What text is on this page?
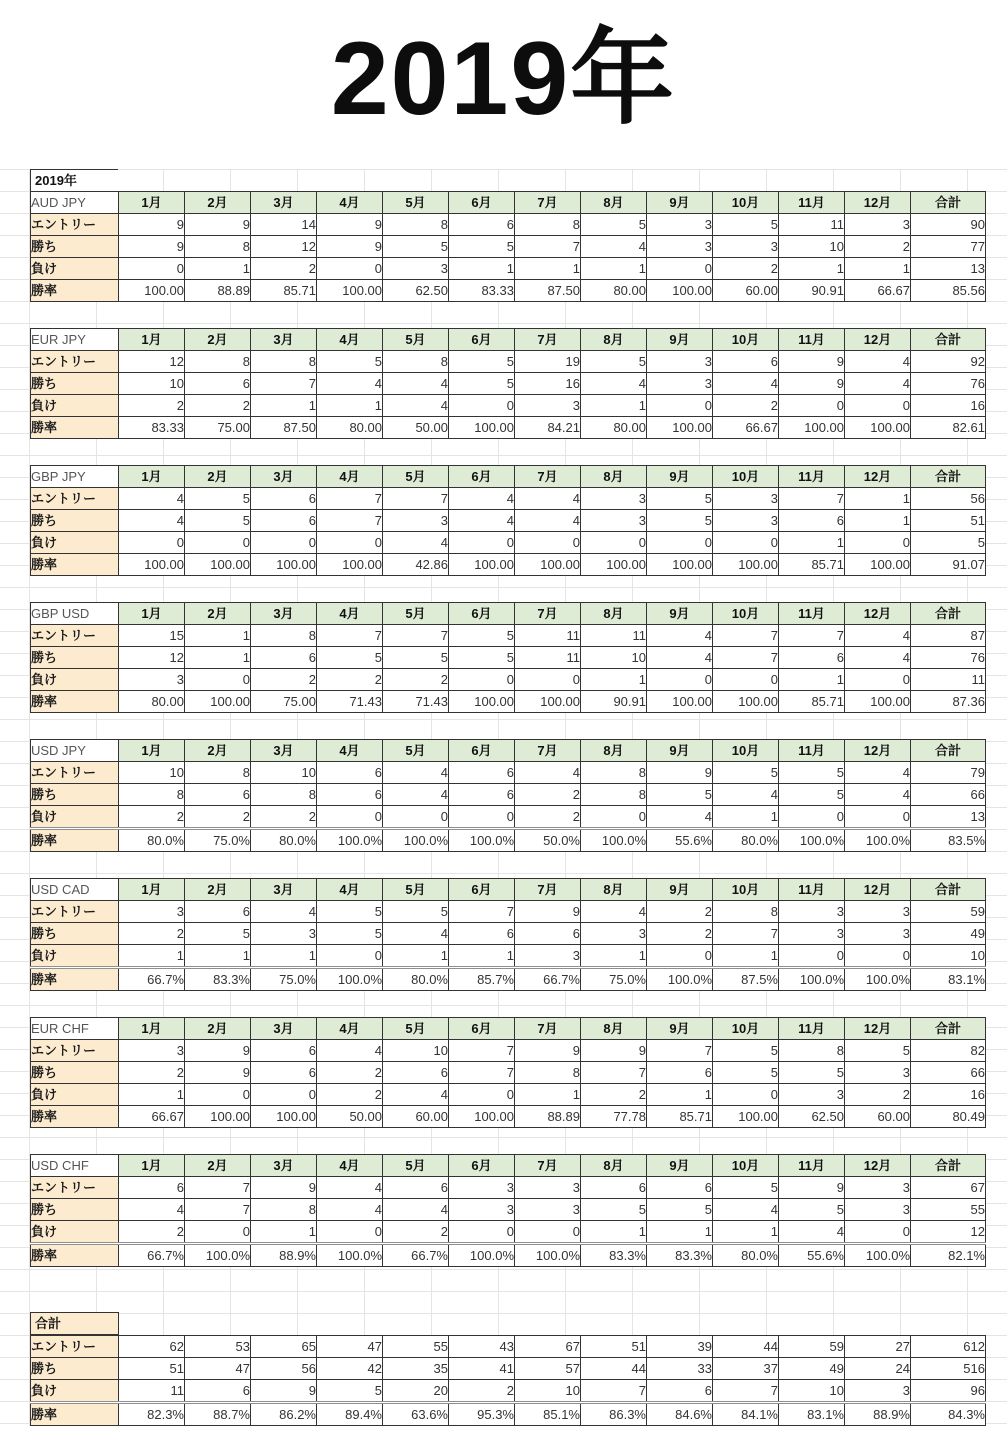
2019年
2019年
AUD JPY	1月	2月	3月	4月	5月	6月	7月	8月	9月	10月	11月	12月	合計
エントリー	9	9	14	9	8	6	8	5	3	5	11	3	90
勝ち	9	8	12	9	5	5	7	4	3	3	10	2	77
負け	0	1	2	0	3	1	1	1	0	2	1	1	13
勝率	100.00	88.89	85.71	100.00	62.50	83.33	87.50	80.00	100.00	60.00	90.91	66.67	85.56
EUR JPY	1月	2月	3月	4月	5月	6月	7月	8月	9月	10月	11月	12月	合計
エントリー	12	8	8	5	8	5	19	5	3	6	9	4	92
勝ち	10	6	7	4	4	5	16	4	3	4	9	4	76
負け	2	2	1	1	4	0	3	1	0	2	0	0	16
勝率	83.33	75.00	87.50	80.00	50.00	100.00	84.21	80.00	100.00	66.67	100.00	100.00	82.61
GBP JPY	1月	2月	3月	4月	5月	6月	7月	8月	9月	10月	11月	12月	合計
エントリー	4	5	6	7	7	4	4	3	5	3	7	1	56
勝ち	4	5	6	7	3	4	4	3	5	3	6	1	51
負け	0	0	0	0	4	0	0	0	0	0	1	0	5
勝率	100.00	100.00	100.00	100.00	42.86	100.00	100.00	100.00	100.00	100.00	85.71	100.00	91.07
GBP USD	1月	2月	3月	4月	5月	6月	7月	8月	9月	10月	11月	12月	合計
エントリー	15	1	8	7	7	5	11	11	4	7	7	4	87
勝ち	12	1	6	5	5	5	11	10	4	7	6	4	76
負け	3	0	2	2	2	0	0	1	0	0	1	0	11
勝率	80.00	100.00	75.00	71.43	71.43	100.00	100.00	90.91	100.00	100.00	85.71	100.00	87.36
USD JPY	1月	2月	3月	4月	5月	6月	7月	8月	9月	10月	11月	12月	合計
エントリー	10	8	10	6	4	6	4	8	9	5	5	4	79
勝ち	8	6	8	6	4	6	2	8	5	4	5	4	66
負け	2	2	2	0	0	0	2	0	4	1	0	0	13
勝率	80.0%	75.0%	80.0%	100.0%	100.0%	100.0%	50.0%	100.0%	55.6%	80.0%	100.0%	100.0%	83.5%
USD CAD	1月	2月	3月	4月	5月	6月	7月	8月	9月	10月	11月	12月	合計
エントリー	3	6	4	5	5	7	9	4	2	8	3	3	59
勝ち	2	5	3	5	4	6	6	3	2	7	3	3	49
負け	1	1	1	0	1	1	3	1	0	1	0	0	10
勝率	66.7%	83.3%	75.0%	100.0%	80.0%	85.7%	66.7%	75.0%	100.0%	87.5%	100.0%	100.0%	83.1%
EUR CHF	1月	2月	3月	4月	5月	6月	7月	8月	9月	10月	11月	12月	合計
エントリー	3	9	6	4	10	7	9	9	7	5	8	5	82
勝ち	2	9	6	2	6	7	8	7	6	5	5	3	66
負け	1	0	0	2	4	0	1	2	1	0	3	2	16
勝率	66.67	100.00	100.00	50.00	60.00	100.00	88.89	77.78	85.71	100.00	62.50	60.00	80.49
USD CHF	1月	2月	3月	4月	5月	6月	7月	8月	9月	10月	11月	12月	合計
エントリー	6	7	9	4	6	3	3	6	6	5	9	3	67
勝ち	4	7	8	4	4	3	3	5	5	4	5	3	55
負け	2	0	1	0	2	0	0	1	1	1	4	0	12
勝率	66.7%	100.0%	88.9%	100.0%	66.7%	100.0%	100.0%	83.3%	83.3%	80.0%	55.6%	100.0%	82.1%
合計
エントリー	62	53	65	47	55	43	67	51	39	44	59	27	612
勝ち	51	47	56	42	35	41	57	44	33	37	49	24	516
負け	11	6	9	5	20	2	10	7	6	7	10	3	96
勝率	82.3%	88.7%	86.2%	89.4%	63.6%	95.3%	85.1%	86.3%	84.6%	84.1%	83.1%	88.9%	84.3%
